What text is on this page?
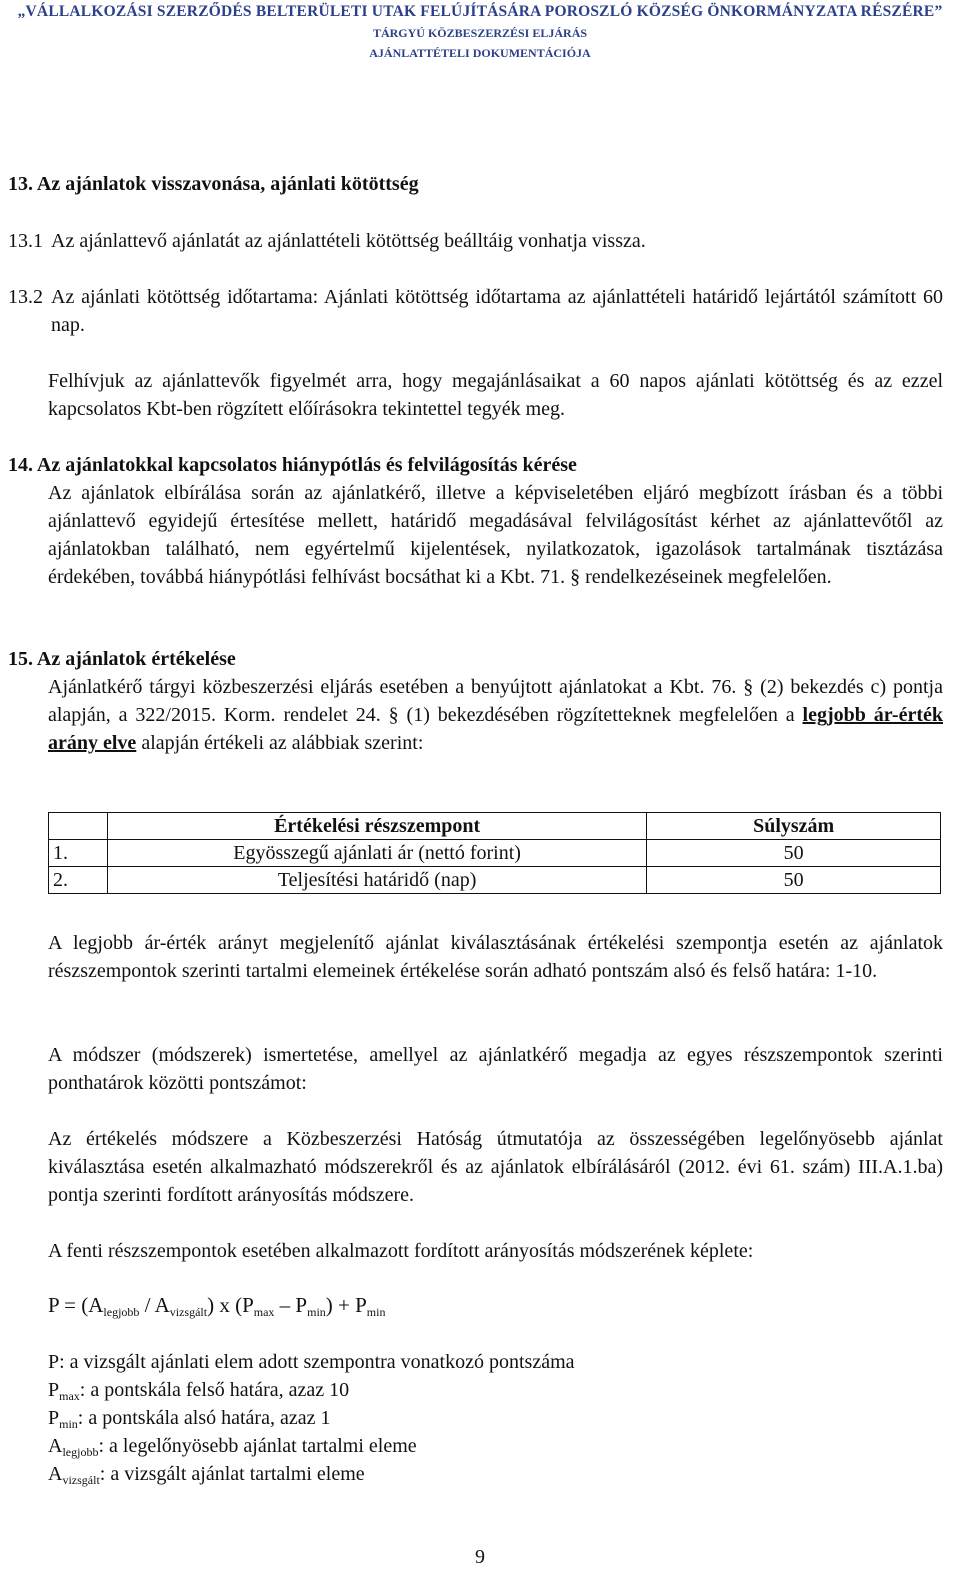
„VÁLLALKOZÁSI SZERZŐDÉS BELTERÜLETI UTAK FELÚJÍTÁSÁRA POROSZLÓ KÖZSÉG ÖNKORMÁNYZATA RÉSZÉRE”
TÁRGYÚ KÖZBESZERZÉSI ELJÁRÁS
AJÁNLATTÉTELI DOKUMENTÁCIÓJA
13. Az ajánlatok visszavonása, ajánlati kötöttség
13.1 Az ajánlattevő ajánlatát az ajánlattételi kötöttség beálltáig vonhatja vissza.
13.2 Az ajánlati kötöttség időtartama: Ajánlati kötöttség időtartama az ajánlattételi határidő lejártától számított 60 nap.
Felhívjuk az ajánlattevők figyelmét arra, hogy megajánlásaikat a 60 napos ajánlati kötöttség és az ezzel kapcsolatos Kbt-ben rögzített előírásokra tekintettel tegyék meg.
14. Az ajánlatokkal kapcsolatos hiánypótlás és felvilágosítás kérése
Az ajánlatok elbírálása során az ajánlatkérő, illetve a képviseletében eljáró megbízott írásban és a többi ajánlattevő egyidejű értesítése mellett, határidő megadásával felvilágosítást kérhet az ajánlattevőtől az ajánlatokban található, nem egyértelmű kijelentések, nyilatkozatok, igazolások tartalmának tisztázása érdekében, továbbá hiánypótlási felhívást bocsáthat ki a Kbt. 71. § rendelkezéseinek megfelelően.
15. Az ajánlatok értékelése
Ajánlatkérő tárgyi közbeszerzési eljárás esetében a benyújtott ajánlatokat a Kbt. 76. § (2) bekezdés c) pontja alapján, a 322/2015. Korm. rendelet 24. § (1) bekezdésében rögzítetteknek megfelelően a legjobb ár-érték arány elve alapján értékeli az alábbiak szerint:
	Értékelési részszempont	Súlyszám
1.	Egyösszegű ajánlati ár (nettó forint)	50
2.	Teljesítési határidő (nap)	50
A legjobb ár-érték arányt megjelenítő ajánlat kiválasztásának értékelési szempontja esetén az ajánlatok részszempontok szerinti tartalmi elemeinek értékelése során adható pontszám alsó és felső határa: 1-10.
A módszer (módszerek) ismertetése, amellyel az ajánlatkérő megadja az egyes részszempontok szerinti ponthatárok közötti pontszámot:
Az értékelés módszere a Közbeszerzési Hatóság útmutatója az összességében legelőnyösebb ajánlat kiválasztása esetén alkalmazható módszerekről és az ajánlatok elbírálásáról (2012. évi 61. szám) III.A.1.ba) pontja szerinti fordított arányosítás módszere.
A fenti részszempontok esetében alkalmazott fordított arányosítás módszerének képlete:
$P = (A_{legjobb} / A_{vizsgált})$ x $(P_{max} - P_{min}) + P_{min}$
P: a vizsgált ajánlati elem adott szempontra vonatkozó pontszáma
$P_{max}$: a pontskála felső határa, azaz 10
$P_{min}$: a pontskála alsó határa, azaz 1
$A_{legjobb}$: a legelőnyösebb ajánlat tartalmi eleme
$A_{vizsgált}$: a vizsgált ajánlat tartalmi eleme
9
